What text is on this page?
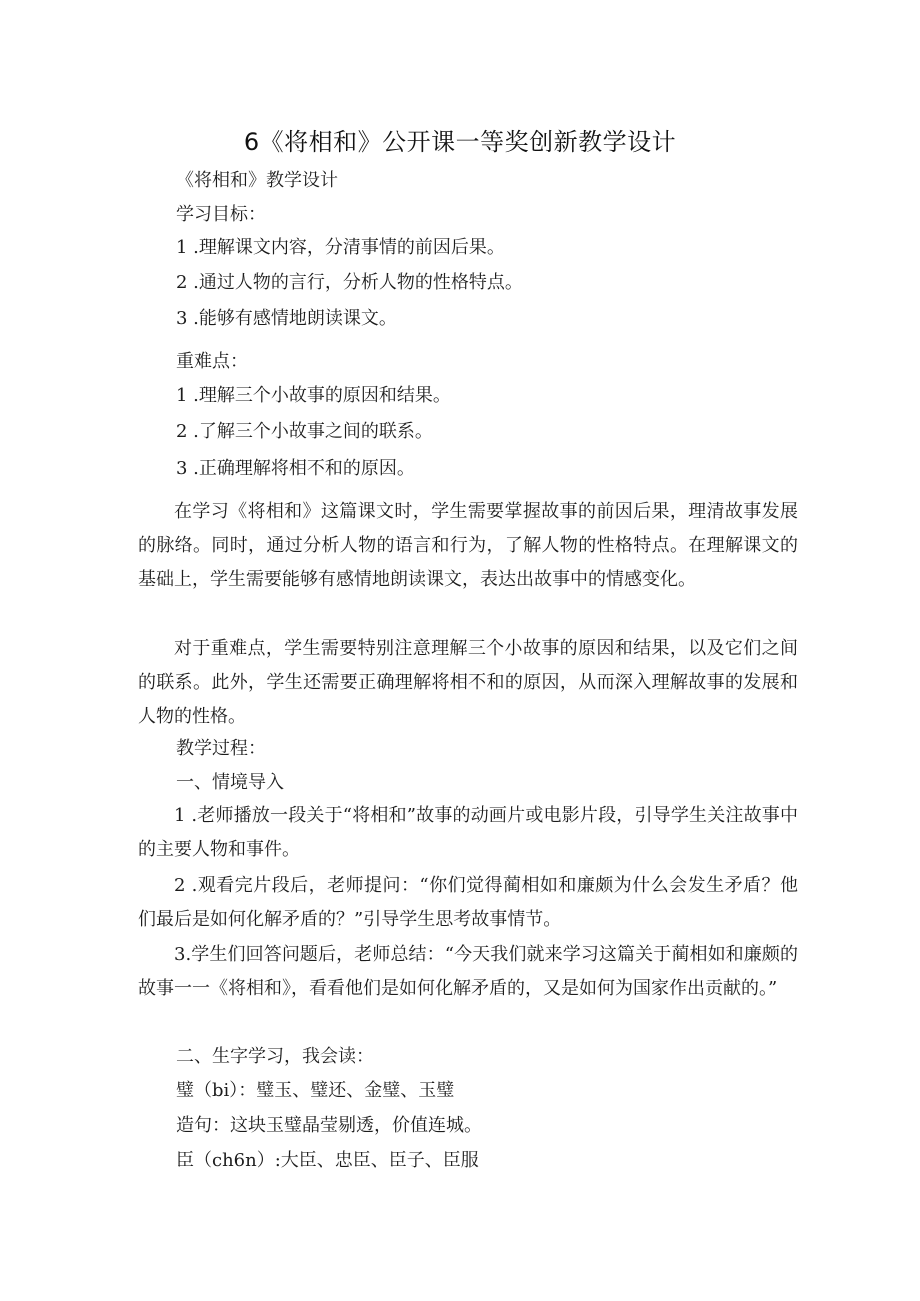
6《将相和》公开课一等奖创新教学设计
《将相和》教学设计
学习目标：
1 .理解课文内容，分清事情的前因后果。
2 .通过人物的言行，分析人物的性格特点。
3 .能够有感情地朗读课文。
重难点：
1 .理解三个小故事的原因和结果。
2 .了解三个小故事之间的联系。
3 .正确理解将相不和的原因。
在学习《将相和》这篇课文时，学生需要掌握故事的前因后果，理清故事发展的脉络。同时，通过分析人物的语言和行为，了解人物的性格特点。在理解课文的基础上，学生需要能够有感情地朗读课文，表达出故事中的情感变化。
对于重难点，学生需要特别注意理解三个小故事的原因和结果，以及它们之间的联系。此外，学生还需要正确理解将相不和的原因，从而深入理解故事的发展和人物的性格。
教学过程：
一、情境导入
1 .老师播放一段关于“将相和”故事的动画片或电影片段，引导学生关注故事中的主要人物和事件。
2 .观看完片段后，老师提问：“你们觉得蔺相如和廉颇为什么会发生矛盾？他们最后是如何化解矛盾的？”引导学生思考故事情节。
3.学生们回答问题后，老师总结：“今天我们就来学习这篇关于蔺相如和廉颇的故事一一《将相和》，看看他们是如何化解矛盾的，又是如何为国家作出贡献的。”
二、生字学习，我会读：
璧（bi）：璧玉、璧还、金璧、玉璧
造句：这块玉璧晶莹剔透，价值连城。
臣（ch6n）:大臣、忠臣、臣子、臣服
